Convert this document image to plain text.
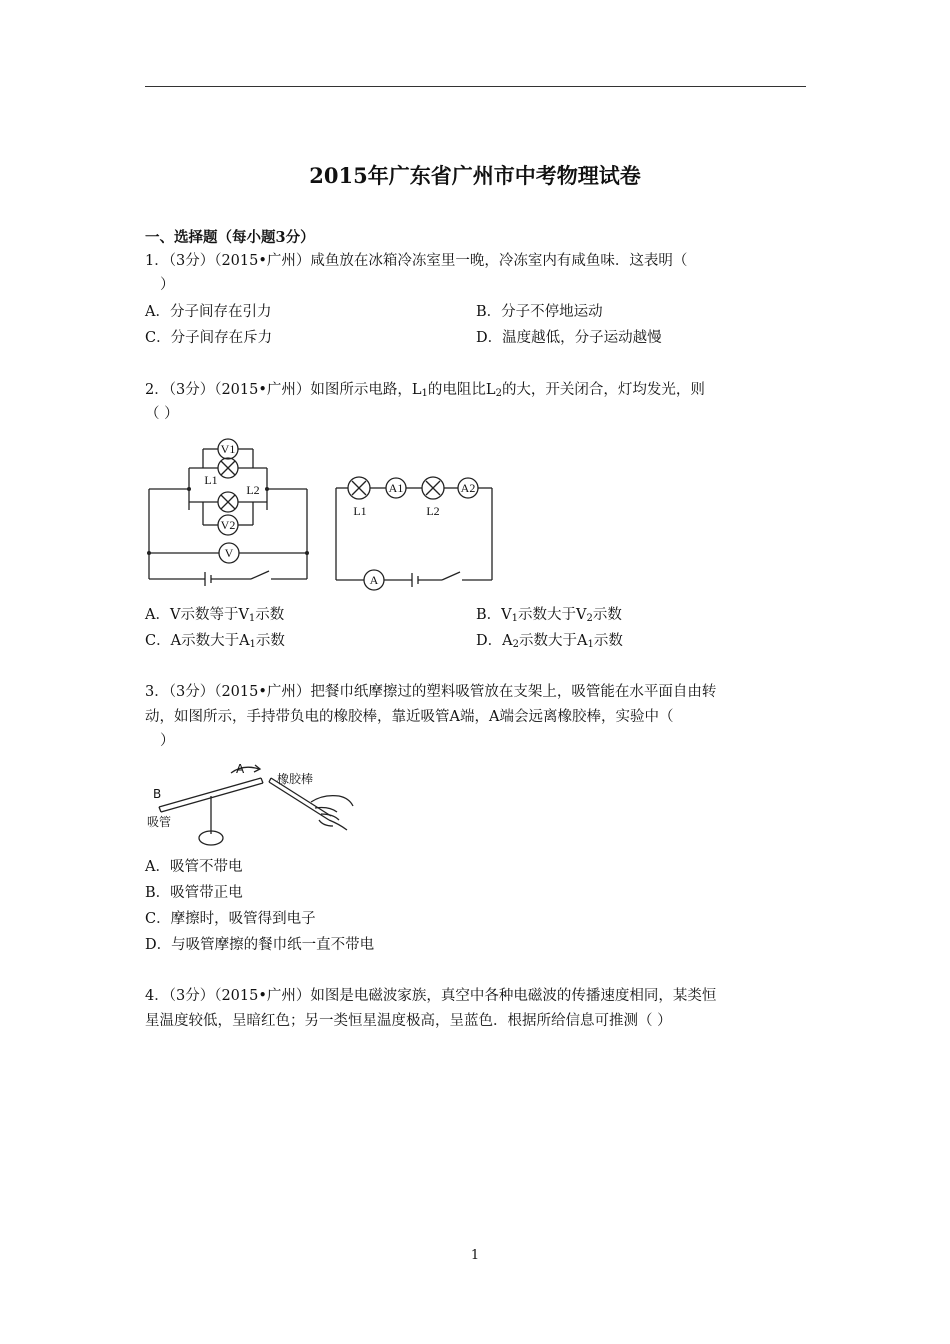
2015年广东省广州市中考物理试卷
一、选择题（每小题3分）
1．（3分）（2015•广州）咸鱼放在冰箱冷冻室里一晚，冷冻室内有咸鱼味．这表明（
）
A．分子间存在引力	B．分子不停地运动
C．分子间存在斥力	D．温度越低，分子运动越慢
2．（3分）（2015•广州）如图所示电路，$L_1$的电阻比$L_2$的大，开关闭合，灯均发光，则
（ ）
V1
L1
L2
V2
V
A1	A2
L1	L2
A
A．V示数等于$V_1$示数	B．$V_1$示数大于$V_2$示数
C．A示数大于$A_1$示数	D．$A_2$示数大于$A_1$示数
3．（3分）（2015•广州）把餐巾纸摩擦过的塑料吸管放在支架上，吸管能在水平面自由转
动，如图所示，手持带负电的橡胶棒，靠近吸管A端，A端会远离橡胶棒，实验中（
）
A
B
吸管
橡胶棒
A．吸管不带电
B．吸管带正电
C．摩擦时，吸管得到电子
D．与吸管摩擦的餐巾纸一直不带电
4．（3分）（2015•广州）如图是电磁波家族，真空中各种电磁波的传播速度相同，某类恒
星温度较低，呈暗红色；另一类恒星温度极高，呈蓝色．根据所给信息可推测（ ）
1
